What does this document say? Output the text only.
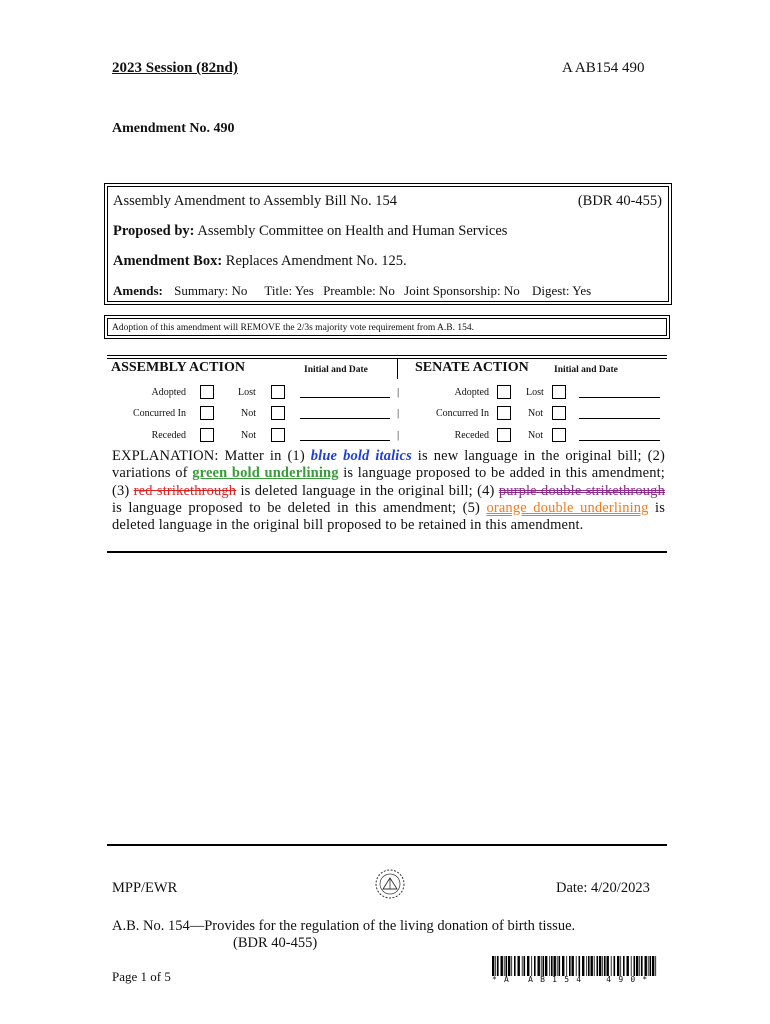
2023 Session (82nd)	A AB154 490
Amendment No. 490
Assembly Amendment to Assembly Bill No. 154	(BDR 40-455)
Proposed by: Assembly Committee on Health and Human Services
Amendment Box: Replaces Amendment No. 125.
Amends: Summary: No Title: Yes Preamble: No Joint Sponsorship: No Digest: Yes
Adoption of this amendment will REMOVE the 2/3s majority vote requirement from A.B. 154.
ASSEMBLY ACTION	Initial and Date	SENATE ACTION	Initial and Date
Adopted	Lost	|	Adopted	Lost
Concurred In	Not	|	Concurred In	Not
Receded	Not	|	Receded	Not
EXPLANATION: Matter in (1) blue bold italics is new language in the original bill; (2) variations of green bold underlining is language proposed to be added in this amendment; (3) red strikethrough is deleted language in the original bill; (4) purple double strikethrough is language proposed to be deleted in this amendment; (5) orange double underlining is deleted language in the original bill proposed to be retained in this amendment.
MPP/EWR	Date: 4/20/2023
A.B. No. 154—Provides for the regulation of the living donation of birth tissue.
(BDR 40-455)
Page 1 of 5	* A   A B 1 5 4    4 9 0 *
